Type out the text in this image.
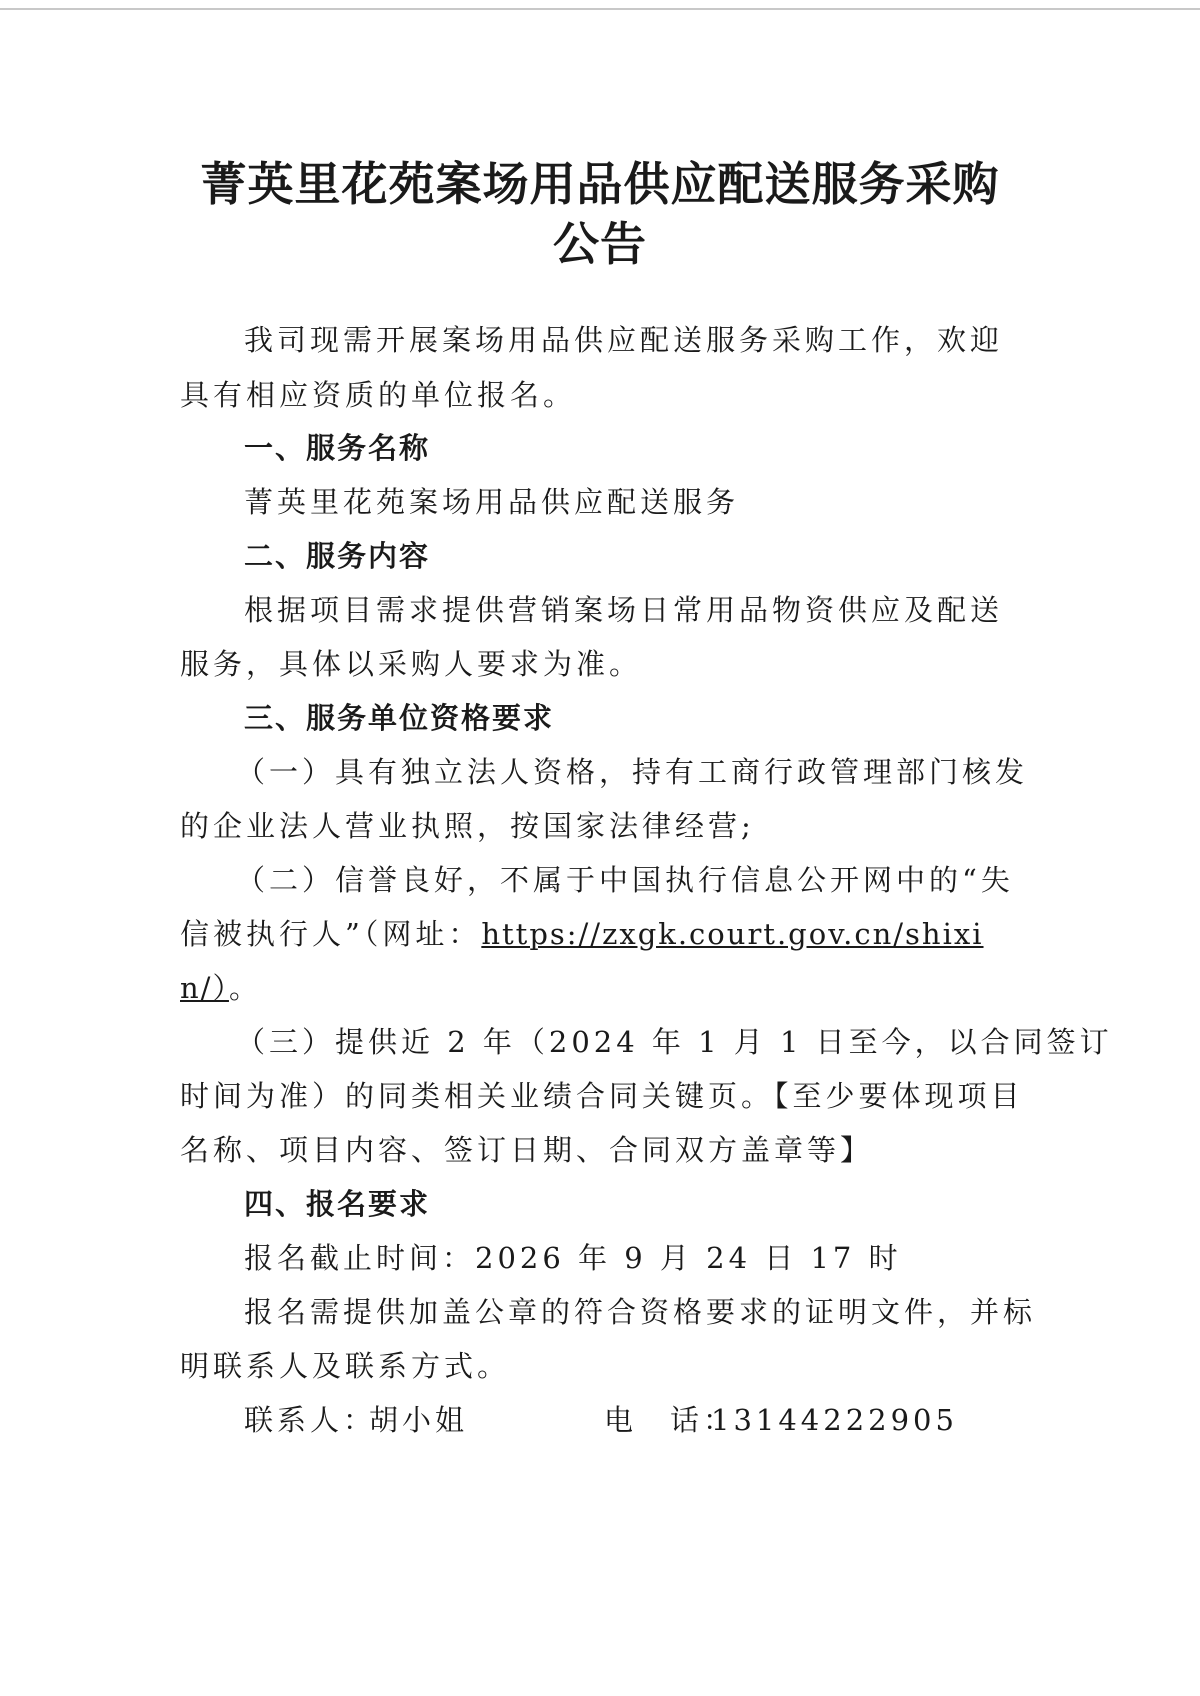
菁英里花苑案场用品供应配送服务采购
公告

我司现需开展案场用品供应配送服务采购工作，欢迎

具有相应资质的单位报名。

一、服务名称

菁英里花苑案场用品供应配送服务

二、服务内容

根据项目需求提供营销案场日常用品物资供应及配送

服务，具体以采购人要求为准。

三、服务单位资格要求

（一）具有独立法人资格，持有工商行政管理部门核发

的企业法人营业执照，按国家法律经营;

（二）信誉良好，不属于中国执行信息公开网中的“失

信被执行人”（网址：https://zxgk.court.gov.cn/shixi

n/）。

（三）提供近 2 年（2024 年 1 月 1 日至今，以合同签订

时间为准）的同类相关业绩合同关键页。【至少要体现项目

名称、项目内容、签订日期、合同双方盖章等】

四、报名要求

报名截止时间：2026 年 9 月 24 日 17 时

报名需提供加盖公章的符合资格要求的证明文件，并标

明联系人及联系方式。

联系人：
胡小姐	电　话：
13144222905
